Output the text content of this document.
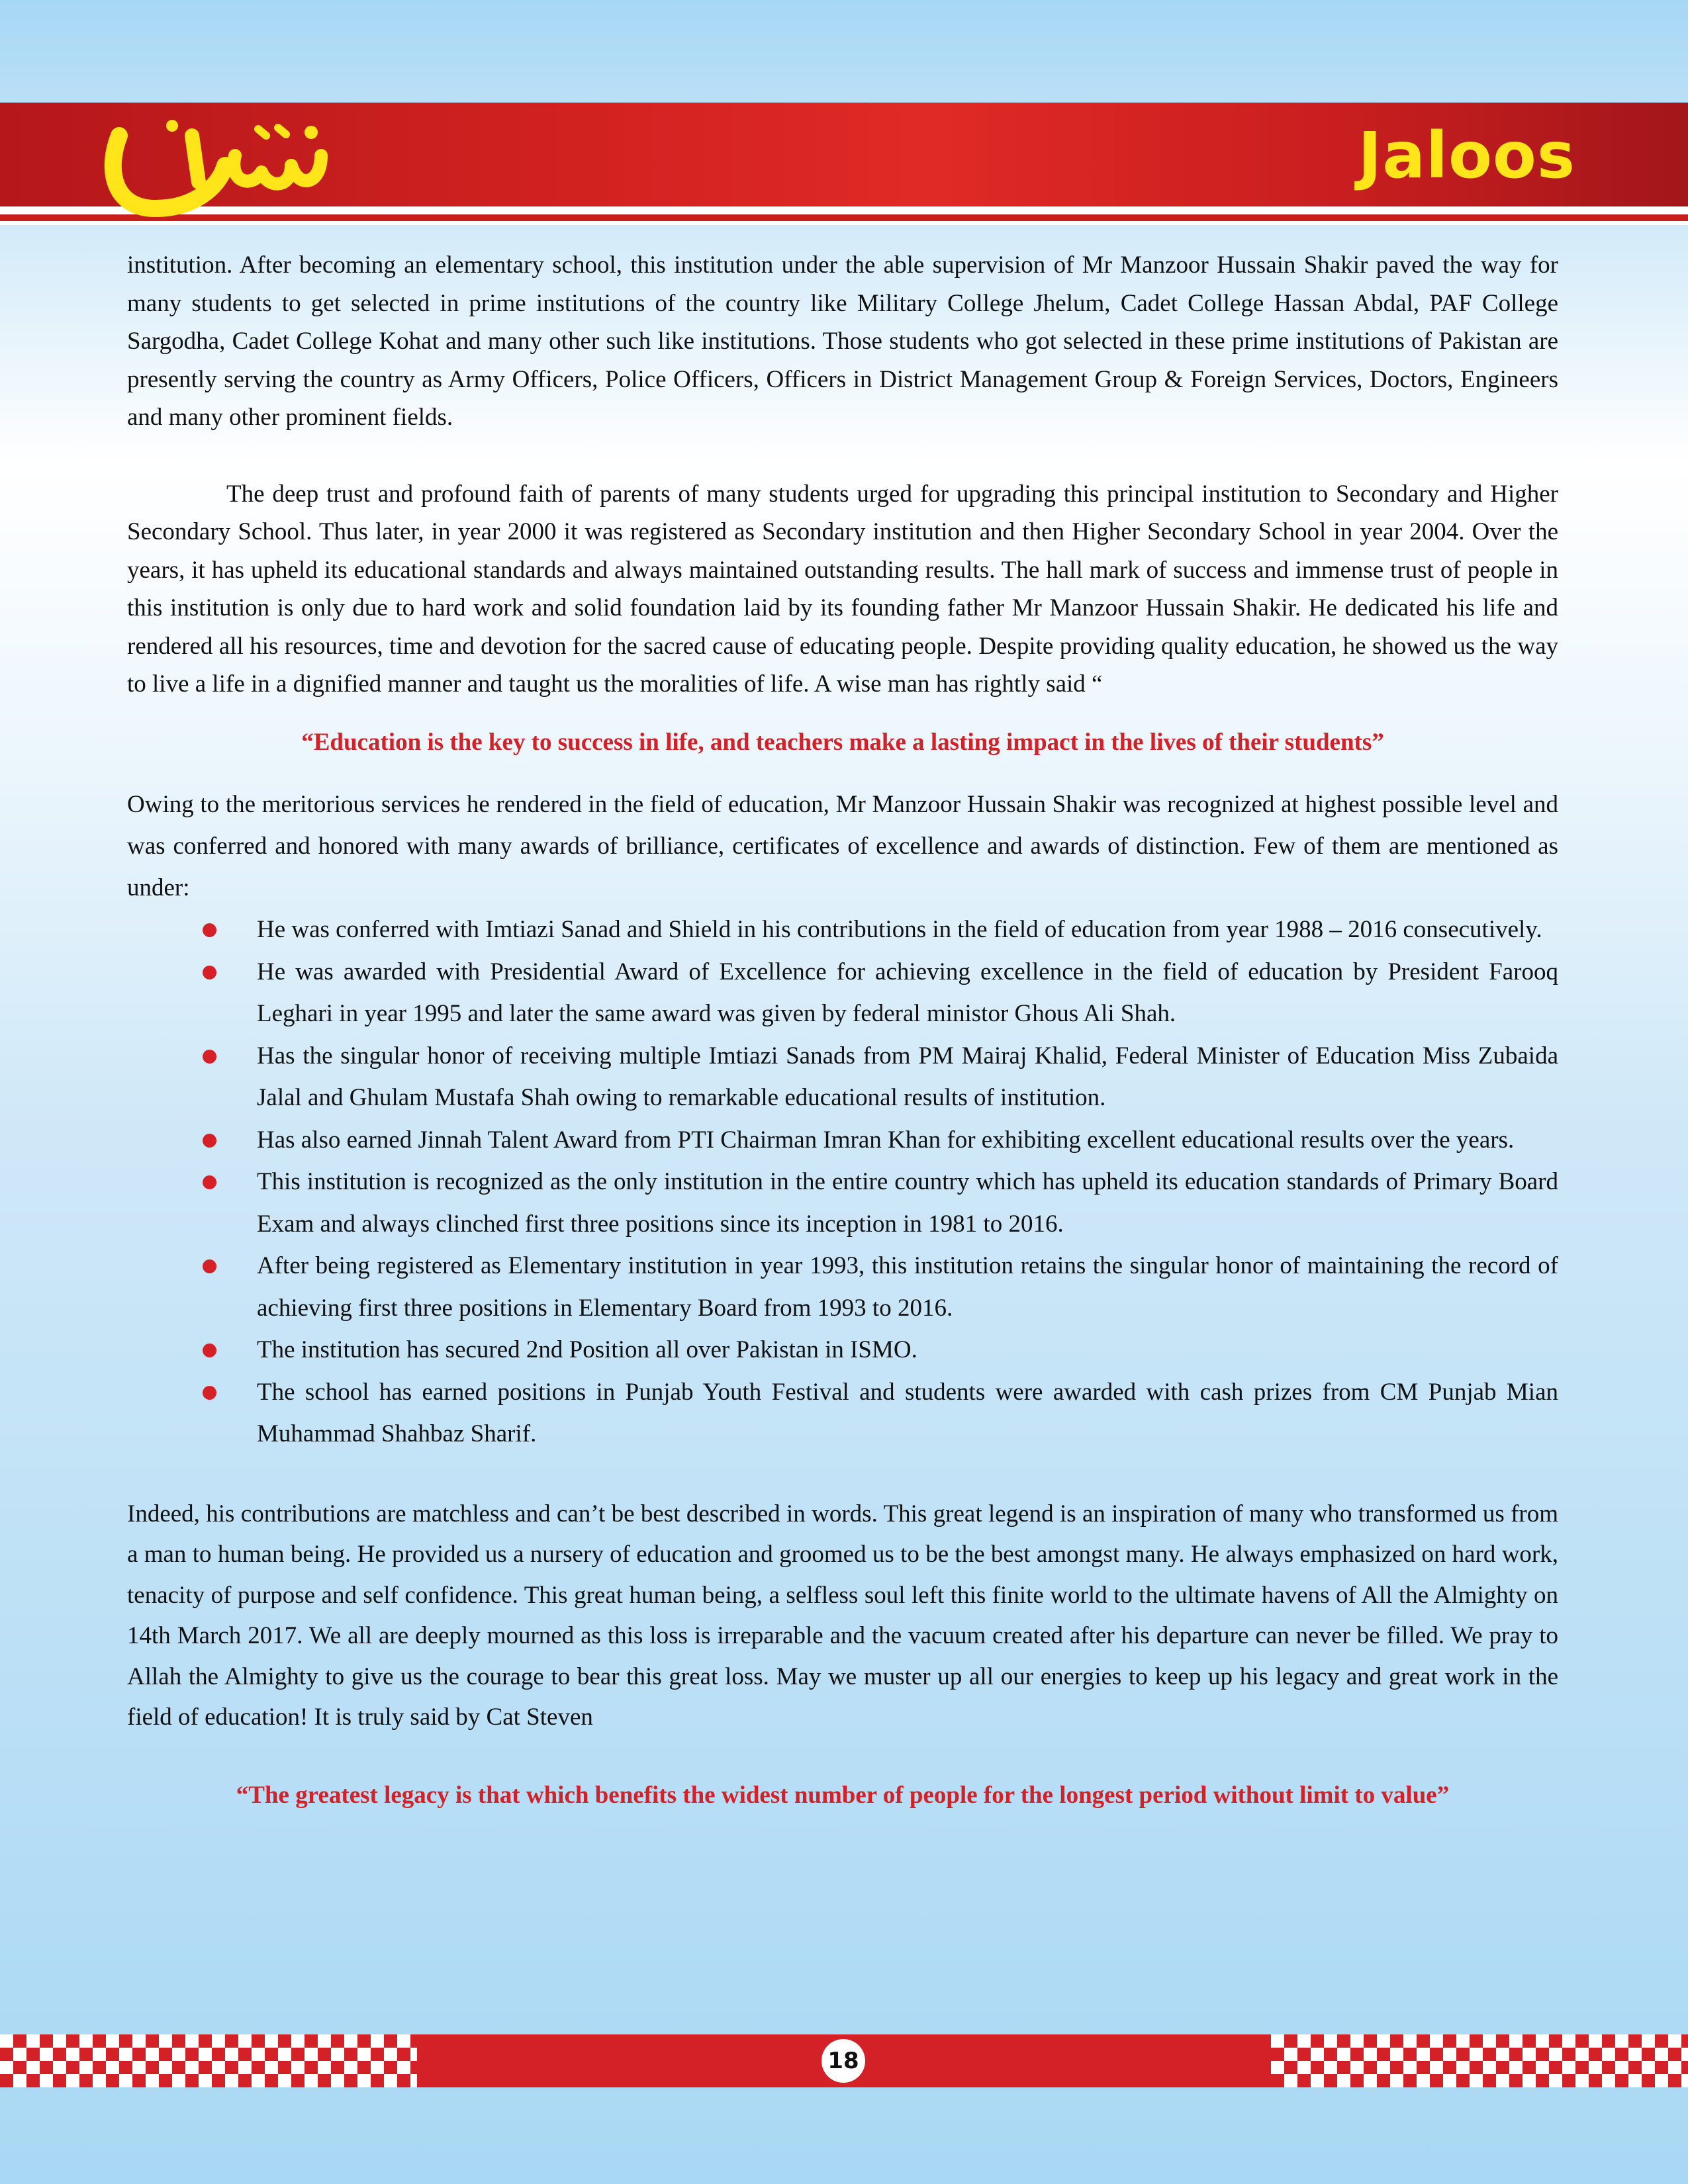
Jaloos

institution. After becoming an elementary school, this institution under the able supervision of Mr Manzoor Hussain Shakir paved the way for many students to get selected in prime institutions of the country like Military College Jhelum, Cadet College Hassan Abdal, PAF College Sargodha, Cadet College Kohat and many other such like institutions. Those students who got selected in these prime institutions of Pakistan are presently serving the country as Army Officers, Police Officers, Officers in District Management Group & Foreign Services, Doctors, Engineers and many other prominent fields.

The deep trust and profound faith of parents of many students urged for upgrading this principal institution to Secondary and Higher Secondary School. Thus later, in year 2000 it was registered as Secondary institution and then Higher Secondary School in year 2004. Over the years, it has upheld its educational standards and always maintained outstanding results. The hall mark of success and immense trust of people in this institution is only due to hard work and solid foundation laid by its founding father Mr Manzoor Hussain Shakir. He dedicated his life and rendered all his resources, time and devotion for the sacred cause of educating people. Despite providing quality education, he showed us the way to live a life in a dignified manner and taught us the moralities of life. A wise man has rightly said “

“Education is the key to success in life, and teachers make a lasting impact in the lives of their students”

Owing to the meritorious services he rendered in the field of education, Mr Manzoor Hussain Shakir was recognized at highest possible level and was conferred and honored with many awards of brilliance, certificates of excellence and awards of distinction. Few of them are mentioned as under:

He was conferred with Imtiazi Sanad and Shield in his contributions in the field of education from year 1988 – 2016 consecutively.
He was awarded with Presidential Award of Excellence for achieving excellence in the field of education by President Farooq Leghari in year 1995 and later the same award was given by federal ministor Ghous Ali Shah.
Has the singular honor of receiving multiple Imtiazi Sanads from PM Mairaj Khalid, Federal Minister of Education Miss Zubaida Jalal and Ghulam Mustafa Shah owing to remarkable educational results of institution.
Has also earned Jinnah Talent Award from PTI Chairman Imran Khan for exhibiting excellent educational results over the years.
This institution is recognized as the only institution in the entire country which has upheld its education standards of Primary Board Exam and always clinched first three positions since its inception in 1981 to 2016.
After being registered as Elementary institution in year 1993, this institution retains the singular honor of maintaining the record of achieving first three positions in Elementary Board from 1993 to 2016.
The institution has secured 2nd Position all over Pakistan in ISMO.
The school has earned positions in Punjab Youth Festival and students were awarded with cash prizes from CM Punjab Mian Muhammad Shahbaz Sharif.

Indeed, his contributions are matchless and can’t be best described in words. This great legend is an inspiration of many who transformed us from a man to human being. He provided us a nursery of education and groomed us to be the best amongst many. He always emphasized on hard work, tenacity of purpose and self confidence. This great human being, a selfless soul left this finite world to the ultimate havens of All the Almighty on 14th March 2017. We all are deeply mourned as this loss is irreparable and the vacuum created after his departure can never be filled. We pray to Allah the Almighty to give us the courage to bear this great loss. May we muster up all our energies to keep up his legacy and great work in the field of education! It is truly said by Cat Steven

“The greatest legacy is that which benefits the widest number of people for the longest period without limit to value”

18
